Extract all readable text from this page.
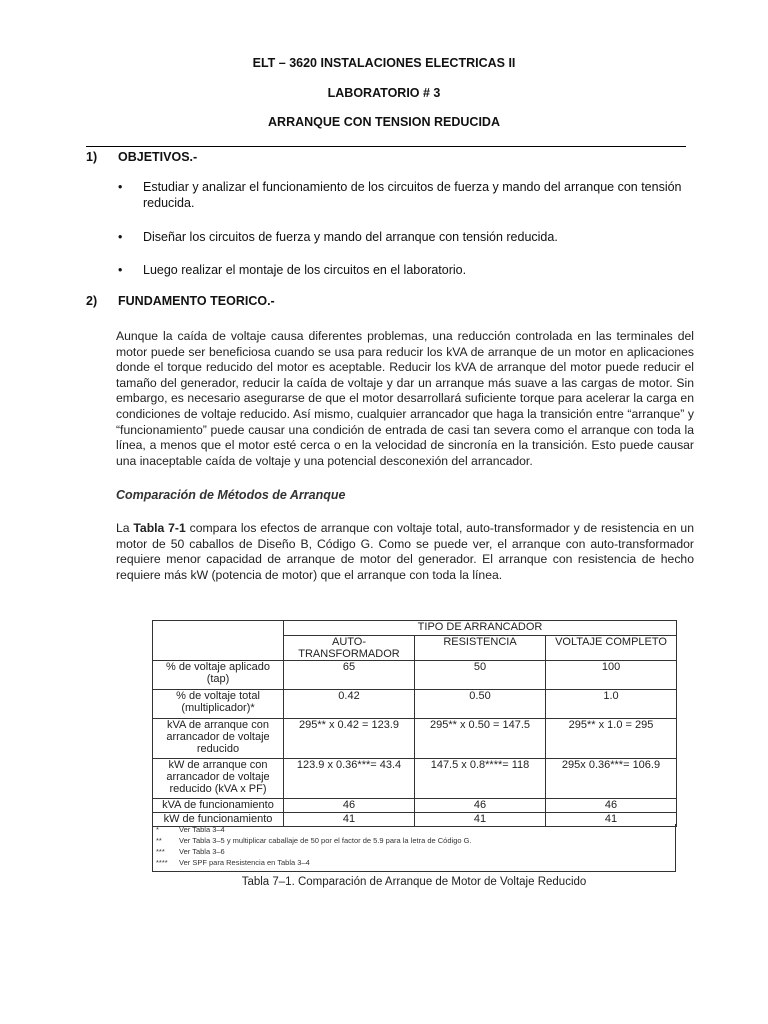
ELT – 3620 INSTALACIONES ELECTRICAS II
LABORATORIO # 3
ARRANQUE CON TENSION REDUCIDA
1) OBJETIVOS.-
• Estudiar y analizar el funcionamiento de los circuitos de fuerza y mando del arranque con tensión reducida.
• Diseñar los circuitos de fuerza y mando del arranque con tensión reducida.
• Luego realizar el montaje de los circuitos en el laboratorio.
2) FUNDAMENTO TEORICO.-
Aunque la caída de voltaje causa diferentes problemas, una reducción controlada en las terminales del motor puede ser beneficiosa cuando se usa para reducir los kVA de arranque de un motor en aplicaciones donde el torque reducido del motor es aceptable. Reducir los kVA de arranque del motor puede reducir el tamaño del generador, reducir la caída de voltaje y dar un arranque más suave a las cargas de motor. Sin embargo, es necesario asegurarse de que el motor desarrollará suficiente torque para acelerar la carga en condiciones de voltaje reducido. Así mismo, cualquier arrancador que haga la transición entre “arranque” y “funcionamiento” puede causar una condición de entrada de casi tan severa como el arranque con toda la línea, a menos que el motor esté cerca o en la velocidad de sincronía en la transición. Esto puede causar una inaceptable caída de voltaje y una potencial desconexión del arrancador.
Comparación de Métodos de Arranque
La Tabla 7-1 compara los efectos de arranque con voltaje total, auto-transformador y de resistencia en un motor de 50 caballos de Diseño B, Código G. Como se puede ver, el arranque con auto-transformador requiere menor capacidad de arranque de motor del generador. El arranque con resistencia de hecho requiere más kW (potencia de motor) que el arranque con toda la línea.
	TIPO DE ARRANCADOR		
	AUTO-TRANSFORMADOR	RESISTENCIA	VOLTAJE COMPLETO
% de voltaje aplicado (tap)	65	50	100
% de voltaje total (multiplicador)*	0.42	0.50	1.0
kVA de arranque con arrancador de voltaje reducido	295** x 0.42 = 123.9	295** x 0.50 = 147.5	295** x 1.0 = 295
kW de arranque con arrancador de voltaje reducido (kVA x PF)	123.9 x 0.36***= 43.4	147.5 x 0.8****= 118	295x 0.36***= 106.9
kVA de funcionamiento	46	46	46
kW de funcionamiento	41	41	41
*	Ver Tabla 3–4
** Ver Tabla 3–5 y multiplicar caballaje de 50 por el factor de 5.9 para la letra de Código G.
*** Ver Tabla 3–6
**** Ver SPF para Resistencia en Tabla 3–4
Tabla 7–1. Comparación de Arranque de Motor de Voltaje Reducido
